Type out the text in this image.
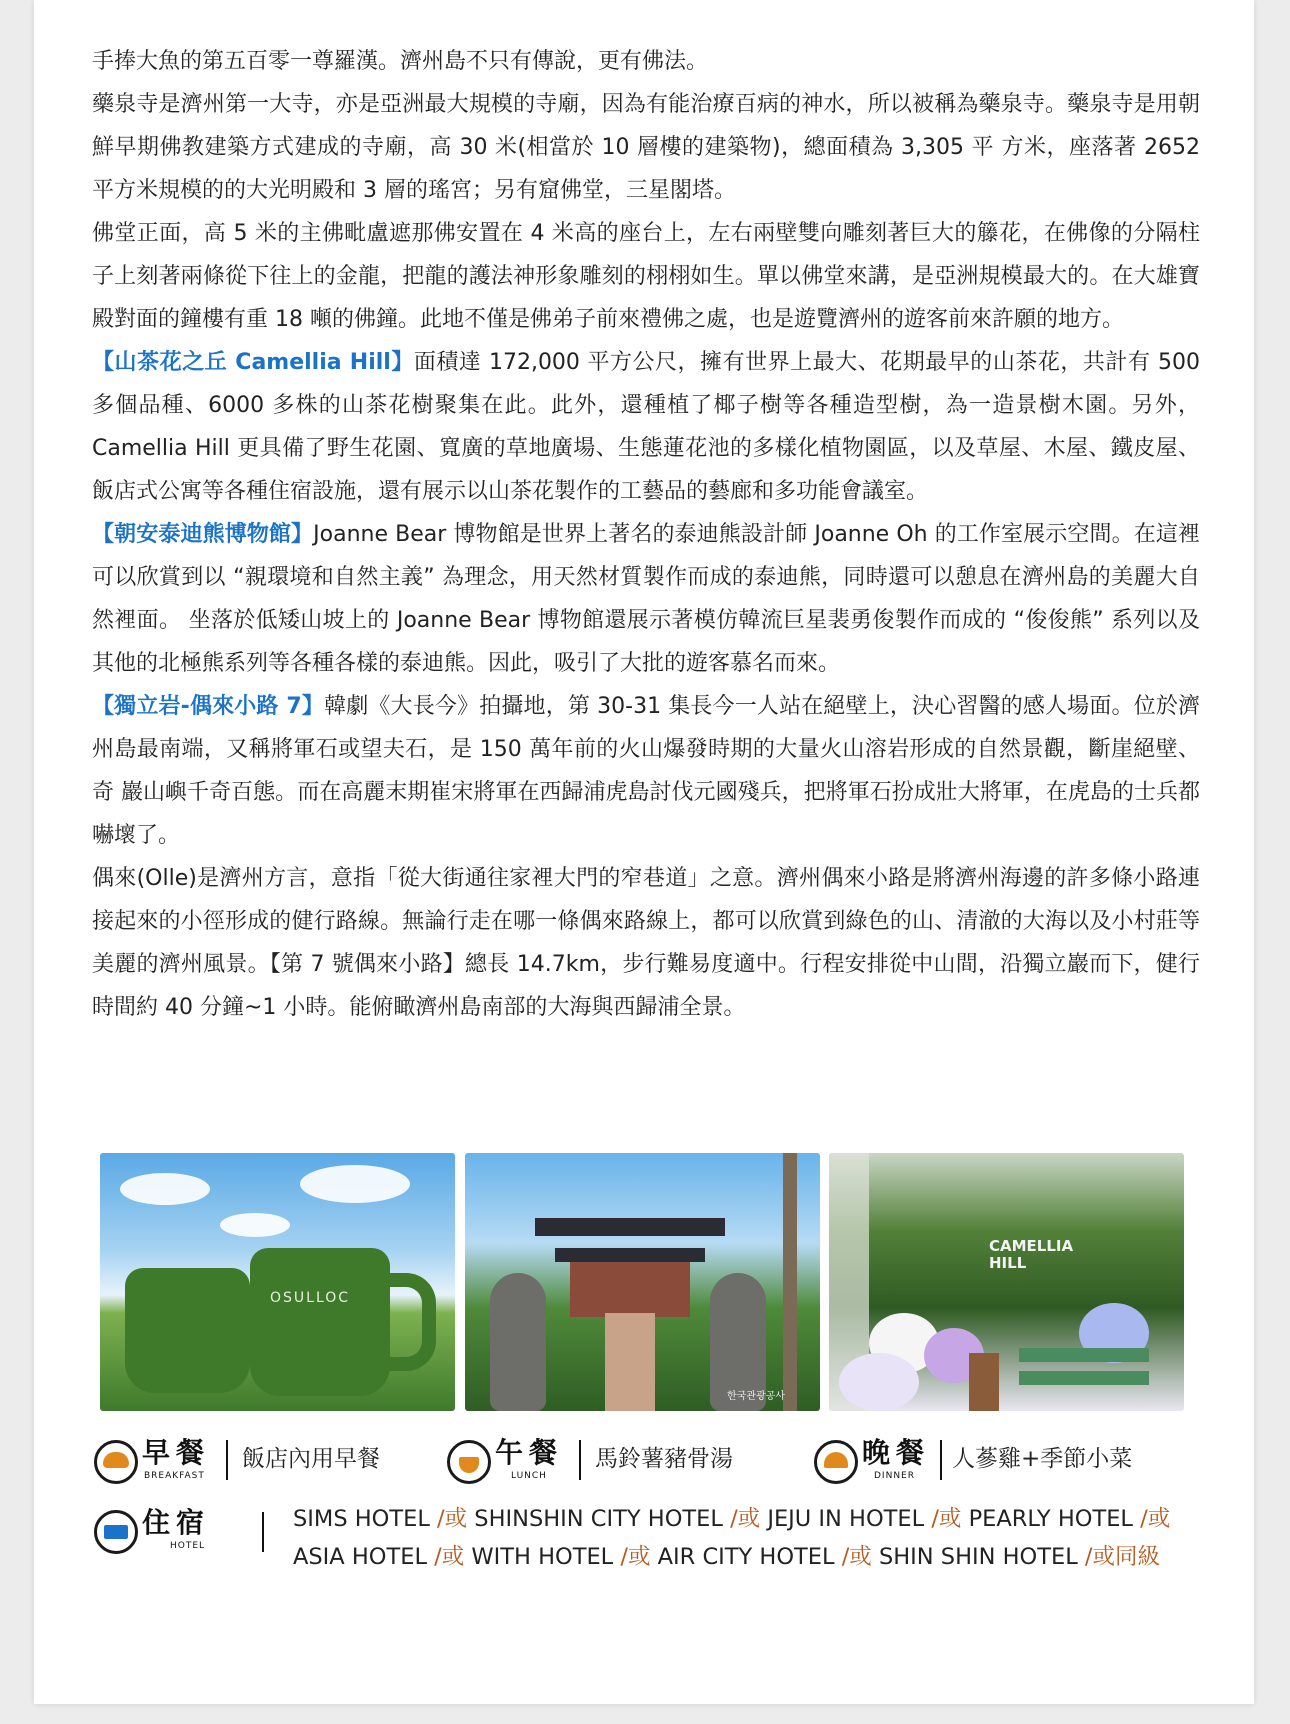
手捧大魚的第五百零一尊羅漢。濟州島不只有傳說，更有佛法。

藥泉寺是濟州第一大寺，亦是亞洲最大規模的寺廟，因為有能治療百病的神水，所以被稱為藥泉寺。藥泉寺是用朝鮮早期佛教建築方式建成的寺廟，高 30 米(相當於 10 層樓的建築物)，總面積為 3,305 平 方米，座落著 2652 平方米規模的的大光明殿和 3 層的瑤宮；另有窟佛堂，三星閣塔。

佛堂正面，高 5 米的主佛毗盧遮那佛安置在 4 米高的座台上，左右兩壁雙向雕刻著巨大的籐花，在佛像的分隔柱子上刻著兩條從下往上的金龍，把龍的護法神形象雕刻的栩栩如生。單以佛堂來講，是亞洲規模最大的。在大雄寶殿對面的鐘樓有重 18 噸的佛鐘。此地不僅是佛弟子前來禮佛之處，也是遊覽濟州的遊客前來許願的地方。

【山茶花之丘 Camellia Hill】面積達 172,000 平方公尺，擁有世界上最大、花期最早的山茶花，共計有 500 多個品種、6000 多株的山茶花樹聚集在此。此外，還種植了椰子樹等各種造型樹，為一造景樹木園。另外， Camellia Hill 更具備了野生花園、寬廣的草地廣場、生態蓮花池的多樣化植物園區，以及草屋、木屋、鐵皮屋、飯店式公寓等各種住宿設施，還有展示以山茶花製作的工藝品的藝廊和多功能會議室。

【朝安泰迪熊博物館】Joanne Bear 博物館是世界上著名的泰迪熊設計師 Joanne Oh 的工作室展示空間。在這裡可以欣賞到以 “親環境和自然主義” 為理念，用天然材質製作而成的泰迪熊，同時還可以憩息在濟州島的美麗大自然裡面。 坐落於低矮山坡上的 Joanne Bear 博物館還展示著模仿韓流巨星裴勇俊製作而成的 “俊俊熊” 系列以及其他的北極熊系列等各種各樣的泰迪熊。因此，吸引了大批的遊客慕名而來。

【獨立岩-偶來小路 7】韓劇《大長今》拍攝地，第 30-31 集長今一人站在絕壁上，決心習醫的感人場面。位於濟州島最南端，又稱將軍石或望夫石，是 150 萬年前的火山爆發時期的大量火山溶岩形成的自然景觀，斷崖絕壁、奇 巖山嶼千奇百態。而在高麗末期崔宋將軍在西歸浦虎島討伐元國殘兵，把將軍石扮成壯大將軍，在虎島的士兵都嚇壞了。

偶來(Olle)是濟州方言，意指「從大街通往家裡大門的窄巷道」之意。濟州偶來小路是將濟州海邊的許多條小路連接起來的小徑形成的健行路線。無論行走在哪一條偶來路線上，都可以欣賞到綠色的山、清澈的大海以及小村莊等美麗的濟州風景。【第 7 號偶來小路】總長 14.7km，步行難易度適中。行程安排從中山間，沿獨立巖而下，健行時間約 40 分鐘~1 小時。能俯瞰濟州島南部的大海與西歸浦全景。

OSULLOC
한국관광공사
CAMELLIA
HILL
早餐
BREAKFAST
飯店內用早餐	午餐
LUNCH
馬鈴薯豬骨湯	晚餐
DINNER
人蔘雞+季節小菜
住宿
HOTEL
SIMS HOTEL /或 SHINSHIN CITY HOTEL /或 JEJU IN HOTEL /或 PEARLY HOTEL /或
ASIA HOTEL /或 WITH HOTEL /或 AIR CITY HOTEL /或 SHIN SHIN HOTEL /或同級
